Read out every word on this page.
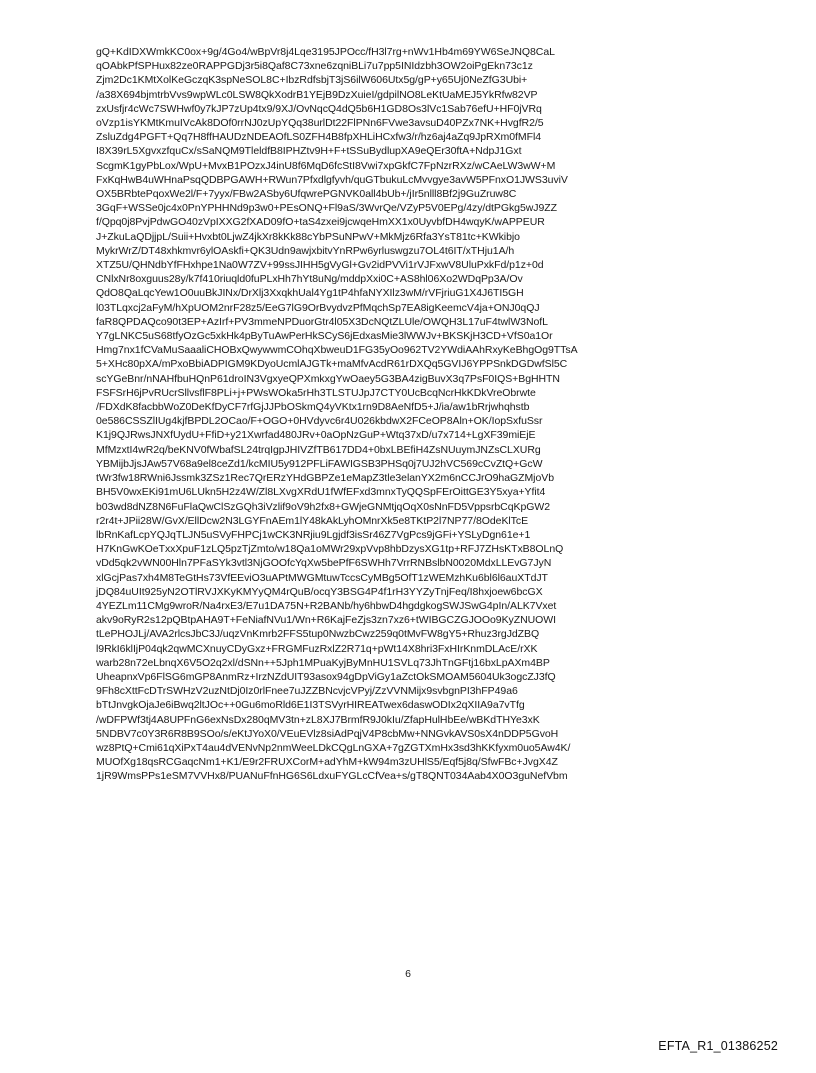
gQ+KdIDXWmkKC0ox+9g/4Go4/wBpVr8j4Lqe3195JPOcc/fH3l7rg+nWv1Hb4m69YW6SeJNQ8CaL
qOAbkPfSPHux82ze0RAPPGDj3r5i8Qaf8C73xne6zqniBLi7u7pp5INIdzbh3OW2oiPgEkn73c1z
Zjm2Dc1KMtXolKeGczqK3spNeSOL8C+IbzRdfsbjT3jS6ilW606Utx5g/gP+y65Uj0NeZfG3Ubi+
/a38X694bjmtrbVvs9wpWLc0LSW8QkXodrB1YEjB9DzXuieI/gdpilNO8LeKtUaMEJ5YkRfw82VP
zxUsfjr4cWc7SWHwf0y7kJP7zUp4tx9/9XJ/OvNqcQ4dQ5b6H1GD8Os3lVc1Sab76efU+HF0jVRq
oVzp1isYKMtKmuIVcAk8DOf0rrNJ0zUpYQq38urlDt22FlPNn6FVwe3avsuD40PZx7NK+HvgfR2/5
ZsluZdg4PGFT+Qq7H8ffHAUDzNDEAOfLS0ZFH4B8fpXHLiHCxfw3/r/hz6aj4aZq9JpRXm0fMFl4
I8X39rL5XgvxzfquCx/sSaNQM9TleldfB8IPHZtv9H+F+tSSuBydlupXA9eQEr30ftA+NdpJ1Gxt
ScgmK1gyPbLox/WpU+MvxB1POzxJ4inU8f6MqD6fcStI8Vwi7xpGkfC7FpNzrRXz/wCAeLW3wW+M
FxKqHwB4uWHnaPsqQDBPGAWH+RWun7Pfxdlgfyvh/quGTbukuLcMvvgye3avW5PFnxO1JWS3uviV
OX5BRbtePqoxWe2l/F+7yyx/FBw2ASby6UfqwrePGNVK0all4bUb+/jIr5nlll8Bf2j9GuZruw8C
3GqF+WSSe0jc4x0PnYPHHNd9p3w0+PEsONQ+Fl9aS/3WvrQe/VZyP5V0EPg/4zy/dtPGkg5wJ9ZZ
f/Qpq0j8PvjPdwGO40zVpIXXG2fXAD09fO+taS4zxei9jcwqeHmXX1x0UyvbfDH4wqyK/wAPPEUR
J+ZkuLaQDjjpL/Suii+Hvxbt0LjwZ4jkXr8kKk88cYbPSuNPwV+MkMjz6Rfa3YsT81tc+KWkibjo
MykrWrZ/DT48xhkmvr6ylOAskfi+QK3Udn9awjxbitvYnRPw6yrluswgzu7OL4t6IT/xTHju1A/h
XTZ5U/QHNdbYfFHxhpe1Na0W7ZV+99ssJIHH5gVyGl+Gv2idPVVi1rVJFxwV8UluPxkFd/p1z+0d
CNlxNr8oxguus28y/k7f410riuqld0fuPLxHh7hYt8uNg/mddpXxi0C+AS8hl06Xo2WDqPp3A/Ov
QdO8QaLqcYew1O0uuBkJINx/DrXlj3XxqkhUal4Yg1tP4hfaNYXIlz3wM/rVFjriuG1X4J6TI5GH
l03TLqxcj2aFyM/hXpUOM2nrF28z5/EeG7lG9OrBvydvzPfMqchSp7EA8igKeemcV4ja+ONJ0qQJ
faR8QPDAQco90t3EP+AzIrf+PV3mmeNPDuorGtr4l05X3DcNQtZLUle/OWQH3L17uF4twlW3NofL
Y7gLNKC5uS68tfyOzGc5xkHk4pByTuAwPerHkSCyS6jEdxasMie3lWWJv+BKSKjH3CD+VfS0a1Or
Hmg7nx1fCVaMuSaaaliCHOBxQwywwmCOhqXbweuD1FG35yOo962TV2YWdiAAhRxyKeBhgOg9TTsA
5+XHc80pXA/mPxoBbiADPIGM9KDyoUcmlAJGTk+maMfvAcdR61rDXQq5GVIJ6YPPSnkDGDwfSl5C
scYGeBnr/nNAHfbuHQnP61droIN3VgxyeQPXmkxgYwOaey5G3BA4zigBuvX3q7PsF0IQS+BgHHTN
FSFSrH6jPvRUcrSllvsflF8PLi+j+PWsWOka5rHh3TLSTUJpJ7CTY0UcBcqNcrHkKDkVreObrwte
/FDXdK8facbbWoZ0DeKfDyCF7rfGjJJPbOSkmQ4yVKtx1rn9D8AeNfD5+J/ia/aw1bRrjwhqhstb
0e586CSSZlIUg4kjfBPDL2OCao/F+OGO+0HVdyvc6r4U026kbdwX2FCeOP8Aln+OK/IopSxfuSsr
K1j9QJRwsJNXfUydU+FfiD+y21Xwrfad480JRv+0aOpNzGuP+Wtq37xD/u7x714+LgXF39miEjE
MfMzxtI4wR2q/beKNV0fWbafSL24trqIgpJHIVZfTB617DD4+0bxLBEfiH4ZsNUuymJNZsCLXURg
YBMijbJjsJAw57V68a9el8ceZd1/kcMIU5y912PFLiFAWIGSB3PHSq0j7UJ2hVC569cCvZtQ+GcW
tWr3fw18RWni6Jssmk3ZSz1Rec7QrERzYHdGBPZe1eMapZ3tle3elanYX2m6nCCJrO9haGZMjoVb
BH5V0wxEKi91mU6LUkn5H2z4W/Zl8LXvgXRdU1fWfEFxd3mnxTyQQSpFErOittGE3Y5xya+Yfit4
b03wd8dNZ8N6FuFlaQwClSzGQh3iVzlif9oV9h2fx8+GWjeGNMtjqOqX0sNnFD5VppsrbCqKpGW2
r2r4t+JPii28W/GvX/EllDcw2N3LGYFnAEm1lY48kAkLyhOMnrXk5e8TKtP2l7NP77/8OdeKlTcE
lbRnKafLcpYQJqTLJN5uSVyFHPCj1wCK3NRjiu9Lgjdf3isSr46Z7VgPcs9jGFi+YSLyDgn61e+1
H7KnGwKOeTxxXpuF1zLQ5pzTjZmto/w18Qa1oMWr29xpVvp8hbDzysXG1tp+RFJ7ZHsKTxB8OLnQ
vDd5qk2vWN00Hln7PFaSYk3vtl3NjGOOfcYqXw5bePfF6SWHh7VrrRNBslbN0020MdxLLEvG7JyN
xlGcjPas7xh4M8TeGtHs73VfEEviO3uAPtMWGMtuwTccsCyMBg5OfT1zWEMzhKu6bl6l6auXTdJT
jDQ84uUIt925yN2OTlRVJXKyKMYyQM4rQuB/ocqY3BSG4P4f1rH3YYZyTnjFeq/I8hxjoew6bcGX
4YEZLm11CMg9wroR/Na4rxE3/E7u1DA75N+R2BANb/hy6hbwD4hgdgkogSWJSwG4pIn/ALK7Vxet
akv9oRyR2s12pQBtpAHA9T+FeNiafNVu1/Wn+R6KajFeZjs3zn7xz6+tWIBGCZGJOOo9KyZNUOWI
tLePHOJLj/AVA2rlcsJbC3J/uqzVnKmrb2FFS5tup0NwzbCwz259q0tMvFW8gY5+Rhuz3rgJdZBQ
l9RkI6klIjP04qk2qwMCXnuyCDyGxz+FRGMFuzRxlZ2R71q+pWt14X8hri3FxHIrKnmDLAcE/rXK
warb28n72eLbnqX6V5O2q2xl/dSNn++5Jph1MPuaKyjByMnHU1SVLq73JhTnGFtj16bxLpAXm4BP
UheapnxVp6FlSG6mGP8AnmRz+IrzNZdUIT93asox94gDpViGy1aZctOkSMOAM5604Uk3ogcZJ3fQ
9Fh8cXttFcDTrSWHzV2uzNtDj0Iz0rlFnee7uJZZBNcvjcVPyj/ZzVVNMijx9svbgnPI3hFP49a6
bTtJnvgkOjaJe6iBwq2ltJOc++0Gu6moRld6E1I3TSVyrHIREATwex6daswODIx2qXIIA9a7vTfg
/wDFPWf3tj4A8UPFnG6exNsDx280qMV3tn+zL8XJ7BrmfR9J0kIu/ZfapHulHbEe/wBKdTHYe3xK
5NDBV7c0Y3R6R8B9SOo/s/eKtJYoX0/VEuEVlz8siAdPqjV4P8cbMw+NNGvkAVS0sX4nDDP5GvoH
wz8PtQ+Cmi61qXiPxT4au4dVENvNp2nmWeeLDkCQgLnGXA+7gZGTXmHx3sd3hKKfyxm0uo5Aw4K/
MUOfXg18qsRCGaqcNm1+K1/E9r2FRUXCorM+adYhM+kW94m3zUHlS5/Eqf5j8q/SfwFBc+JvgX4Z
1jR9WmsPPs1eSM7VVHx8/PUANuFfnHG6S6LdxuFYGLcCfVea+s/gT8QNT034Aab4X0O3guNefVbm
6
EFTA_R1_01386252
